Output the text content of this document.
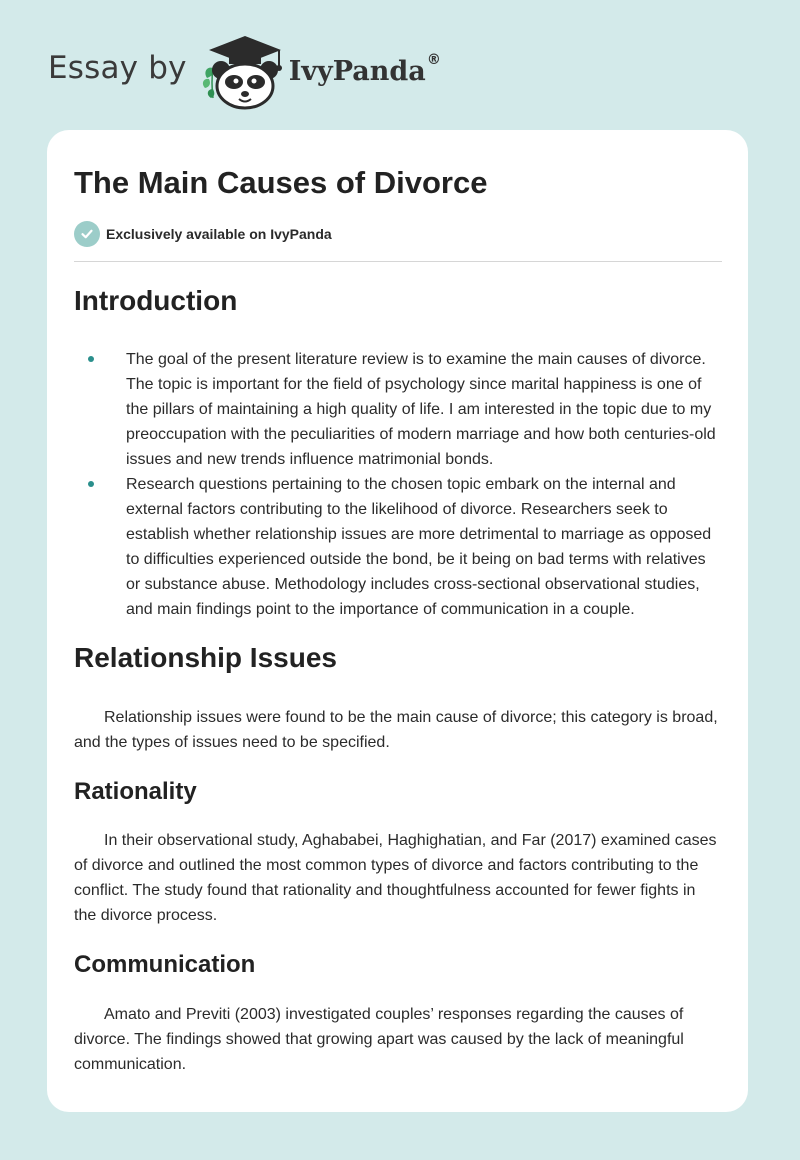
Essay by	IvyPanda®
The Main Causes of Divorce
Exclusively available on IvyPanda
Introduction
The goal of the present literature review is to examine the main causes of divorce. The topic is important for the field of psychology since marital happiness is one of the pillars of maintaining a high quality of life. I am interested in the topic due to my preoccupation with the peculiarities of modern marriage and how both centuries-old issues and new trends influence matrimonial bonds.
Research questions pertaining to the chosen topic embark on the internal and external factors contributing to the likelihood of divorce. Researchers seek to establish whether relationship issues are more detrimental to marriage as opposed to difficulties experienced outside the bond, be it being on bad terms with relatives or substance abuse. Methodology includes cross-sectional observational studies, and main findings point to the importance of communication in a couple.
Relationship Issues

Relationship issues were found to be the main cause of divorce; this category is broad, and the types of issues need to be specified.

Rationality

In their observational study, Aghababei, Haghighatian, and Far (2017) examined cases of divorce and outlined the most common types of divorce and factors contributing to the conflict. The study found that rationality and thoughtfulness accounted for fewer fights in the divorce process.

Communication

Amato and Previti (2003) investigated couples’ responses regarding the causes of divorce. The findings showed that growing apart was caused by the lack of meaningful communication.
